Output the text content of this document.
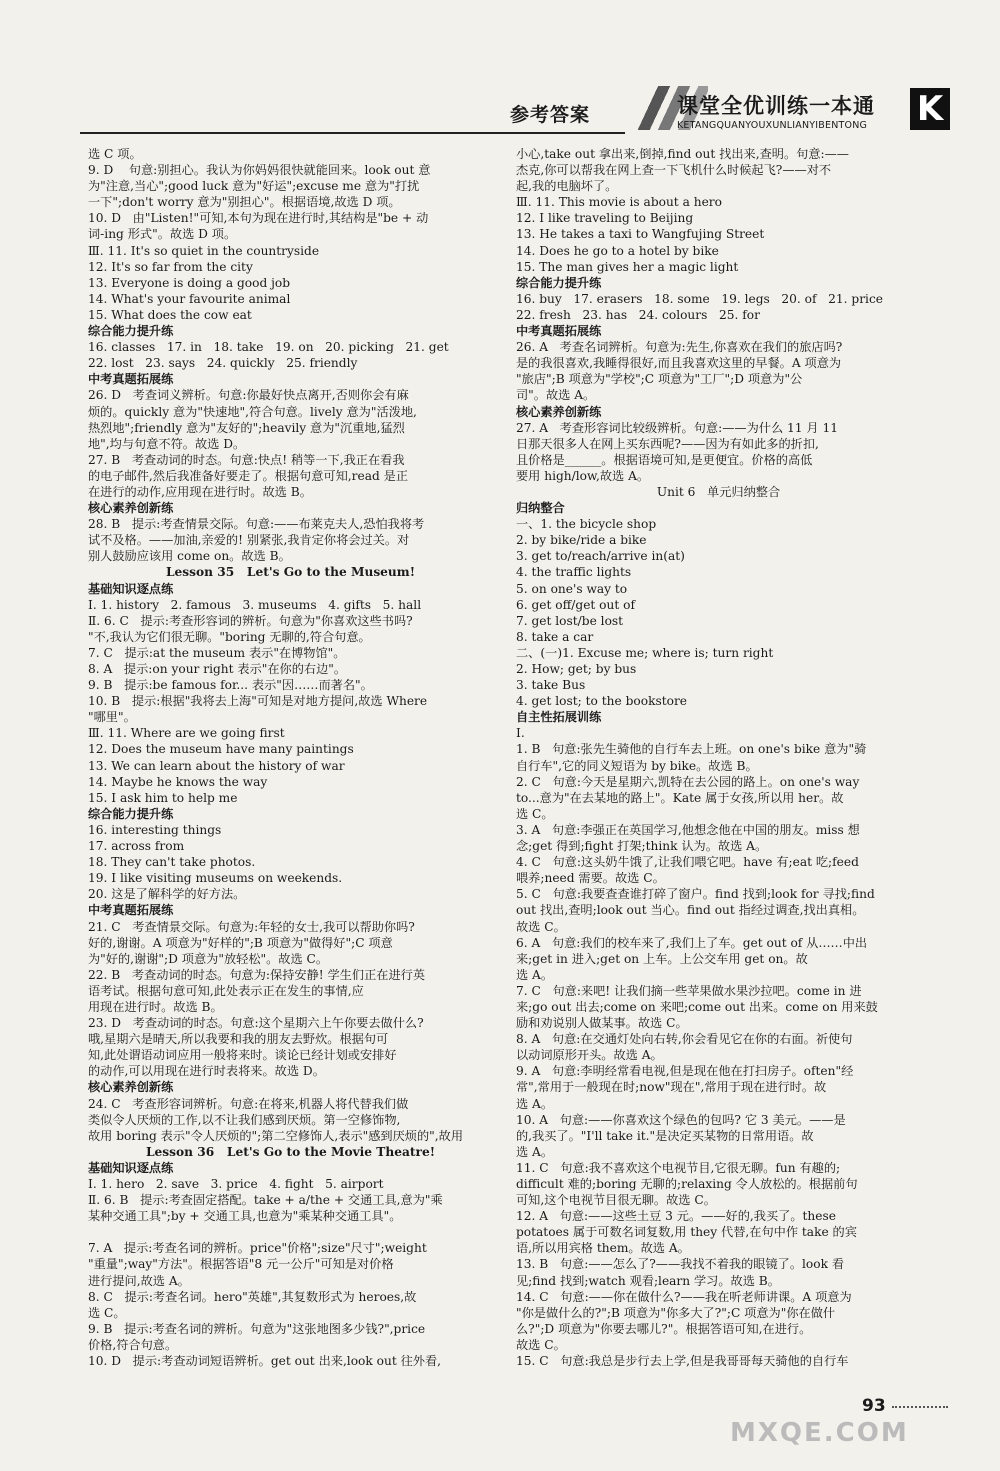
参考答案	课堂全优训练一本通
KETANGQUANYOUXUNLIANYIBENTONG K
选 C 项。
9. D    句意:别担心。我认为你妈妈很快就能回来。look out 意
为"注意,当心";good luck 意为"好运";excuse me 意为"打扰
一下";don't worry 意为"别担心"。根据语境,故选 D 项。
10. D   由"Listen!"可知,本句为现在进行时,其结构是"be + 动
词-ing 形式"。故选 D 项。
Ⅲ. 11. It's so quiet in the countryside
12. It's so far from the city
13. Everyone is doing a good job
14. What's your favourite animal
15. What does the cow eat
综合能力提升练
16. classes   17. in   18. take   19. on   20. picking   21. get
22. lost   23. says   24. quickly   25. friendly
中考真题拓展练
26. D   考查词义辨析。句意:你最好快点离开,否则你会有麻
烦的。quickly 意为"快速地",符合句意。lively 意为"活泼地,
热烈地";friendly 意为"友好的";heavily 意为"沉重地,猛烈
地",均与句意不符。故选 D。
27. B   考查动词的时态。句意:快点! 稍等一下,我正在看我
的电子邮件,然后我准备好要走了。根据句意可知,read 是正
在进行的动作,应用现在进行时。故选 B。
核心素养创新练
28. B   提示:考查情景交际。句意:——布莱克夫人,恐怕我将考
试不及格。——加油,亲爱的! 别紧张,我肯定你将会过关。对
别人鼓励应该用 come on。故选 B。
Lesson 35   Let's Go to the Museum!
基础知识逐点练
Ⅰ. 1. history   2. famous   3. museums   4. gifts   5. hall
Ⅱ. 6. C   提示:考查形容词的辨析。句意为"你喜欢这些书吗?
"不,我认为它们很无聊。"boring 无聊的,符合句意。
7. C   提示:at the museum 表示"在博物馆"。
8. A   提示:on your right 表示"在你的右边"。
9. B   提示:be famous for... 表示"因……而著名"。
10. B   提示:根据"我将去上海"可知是对地方提问,故选 Where
"哪里"。
Ⅲ. 11. Where are we going first
12. Does the museum have many paintings
13. We can learn about the history of war
14. Maybe he knows the way
15. I ask him to help me
综合能力提升练
16. interesting things
17. across from
18. They can't take photos.
19. I like visiting museums on weekends.
20. 这是了解科学的好方法。
中考真题拓展练
21. C   考查情景交际。句意为:年轻的女士,我可以帮助你吗?
好的,谢谢。A 项意为"好样的";B 项意为"做得好";C 项意
为"好的,谢谢";D 项意为"放轻松"。故选 C。
22. B   考查动词的时态。句意为:保持安静! 学生们正在进行英
语考试。根据句意可知,此处表示正在发生的事情,应
用现在进行时。故选 B。
23. D   考查动词的时态。句意:这个星期六上午你要去做什么?
哦,星期六是晴天,所以我要和我的朋友去野炊。根据句可
知,此处谓语动词应用一般将来时。谈论已经计划或安排好
的动作,可以用现在进行时表将来。故选 D。
核心素养创新练
24. C   考查形容词辨析。句意:在将来,机器人将代替我们做
类似令人厌烦的工作,以不让我们感到厌烦。第一空修饰物,
故用 boring 表示"令人厌烦的";第二空修饰人,表示"感到厌烦的",故用
Lesson 36   Let's Go to the Movie Theatre!
基础知识逐点练
Ⅰ. 1. hero   2. save   3. price   4. fight   5. airport
Ⅱ. 6. B   提示:考查固定搭配。take + a/the + 交通工具,意为"乘
某种交通工具";by + 交通工具,也意为"乘某种交通工具"。
7. A   提示:考查名词的辨析。price"价格";size"尺寸";weight
"重量";way"方法"。根据答语"8 元一公斤"可知是对价格
进行提问,故选 A。
8. C   提示:考查名词。hero"英雄",其复数形式为 heroes,故
选 C。
9. B   提示:考查名词的辨析。句意为"这张地图多少钱?",price
价格,符合句意。
10. D   提示:考查动词短语辨析。get out 出来,look out 往外看,
小心,take out 拿出来,倒掉,find out 找出来,查明。句意:——
杰克,你可以帮我在网上查一下飞机什么时候起飞?——对不
起,我的电脑坏了。
Ⅲ. 11. This movie is about a hero
12. I like traveling to Beijing
13. He takes a taxi to Wangfujing Street
14. Does he go to a hotel by bike
15. The man gives her a magic light
综合能力提升练
16. buy   17. erasers   18. some   19. legs   20. of   21. price
22. fresh   23. has   24. colours   25. for
中考真题拓展练
26. A   考查名词辨析。句意为:先生,你喜欢在我们的旅店吗?
是的我很喜欢,我睡得很好,而且我喜欢这里的早餐。A 项意为
"旅店";B 项意为"学校";C 项意为"工厂";D 项意为"公
司"。故选 A。
核心素养创新练
27. A   考查形容词比较级辨析。句意:——为什么 11 月 11
日那天很多人在网上买东西呢?——因为有如此多的折扣,
且价格是______。根据语境可知,是更便宜。价格的高低
要用 high/low,故选 A。
Unit 6   单元归纳整合
归纳整合
一、1. the bicycle shop
2. by bike/ride a bike
3. get to/reach/arrive in(at)
4. the traffic lights
5. on one's way to
6. get off/get out of
7. get lost/be lost
8. take a car
二、(一)1. Excuse me; where is; turn right
2. How; get; by bus
3. take Bus
4. get lost; to the bookstore
自主性拓展训练
Ⅰ.
1. B   句意:张先生骑他的自行车去上班。on one's bike 意为"骑
自行车",它的同义短语为 by bike。故选 B。
2. C   句意:今天是星期六,凯特在去公园的路上。on one's way
to...意为"在去某地的路上"。Kate 属于女孩,所以用 her。故
选 C。
3. A   句意:李强正在英国学习,他想念他在中国的朋友。miss 想
念;get 得到;fight 打架;think 认为。故选 A。
4. C   句意:这头奶牛饿了,让我们喂它吧。have 有;eat 吃;feed
喂养;need 需要。故选 C。
5. C   句意:我要查查谁打碎了窗户。find 找到;look for 寻找;find
out 找出,查明;look out 当心。find out 指经过调查,找出真相。
故选 C。
6. A   句意:我们的校车来了,我们上了车。get out of 从……中出
来;get in 进入;get on 上车。上公交车用 get on。故
选 A。
7. C   句意:来吧! 让我们摘一些苹果做水果沙拉吧。come in 进
来;go out 出去;come on 来吧;come out 出来。come on 用来鼓
励和劝说别人做某事。故选 C。
8. A   句意:在交通灯处向右转,你会看见它在你的右面。祈使句
以动词原形开头。故选 A。
9. A   句意:李明经常看电视,但是现在他在打扫房子。often"经
常",常用于一般现在时;now"现在",常用于现在进行时。故
选 A。
10. A   句意:——你喜欢这个绿色的包吗? 它 3 美元。——是
的,我买了。"I'll take it."是决定买某物的日常用语。故
选 A。
11. C   句意:我不喜欢这个电视节目,它很无聊。fun 有趣的;
difficult 难的;boring 无聊的;relaxing 令人放松的。根据前句
可知,这个电视节目很无聊。故选 C。
12. A   句意:——这些土豆 3 元。——好的,我买了。these
potatoes 属于可数名词复数,用 they 代替,在句中作 take 的宾
语,所以用宾格 them。故选 A。
13. B   句意:——怎么了?——我找不着我的眼镜了。look 看
见;find 找到;watch 观看;learn 学习。故选 B。
14. C   句意:——你在做什么?——我在听老师讲课。A 项意为
"你是做什么的?";B 项意为"你多大了?";C 项意为"你在做什
么?";D 项意为"你要去哪儿?"。根据答语可知,在进行。
故选 C。
15. C   句意:我总是步行去上学,但是我哥哥每天骑他的自行车
93
MXQE.COM
